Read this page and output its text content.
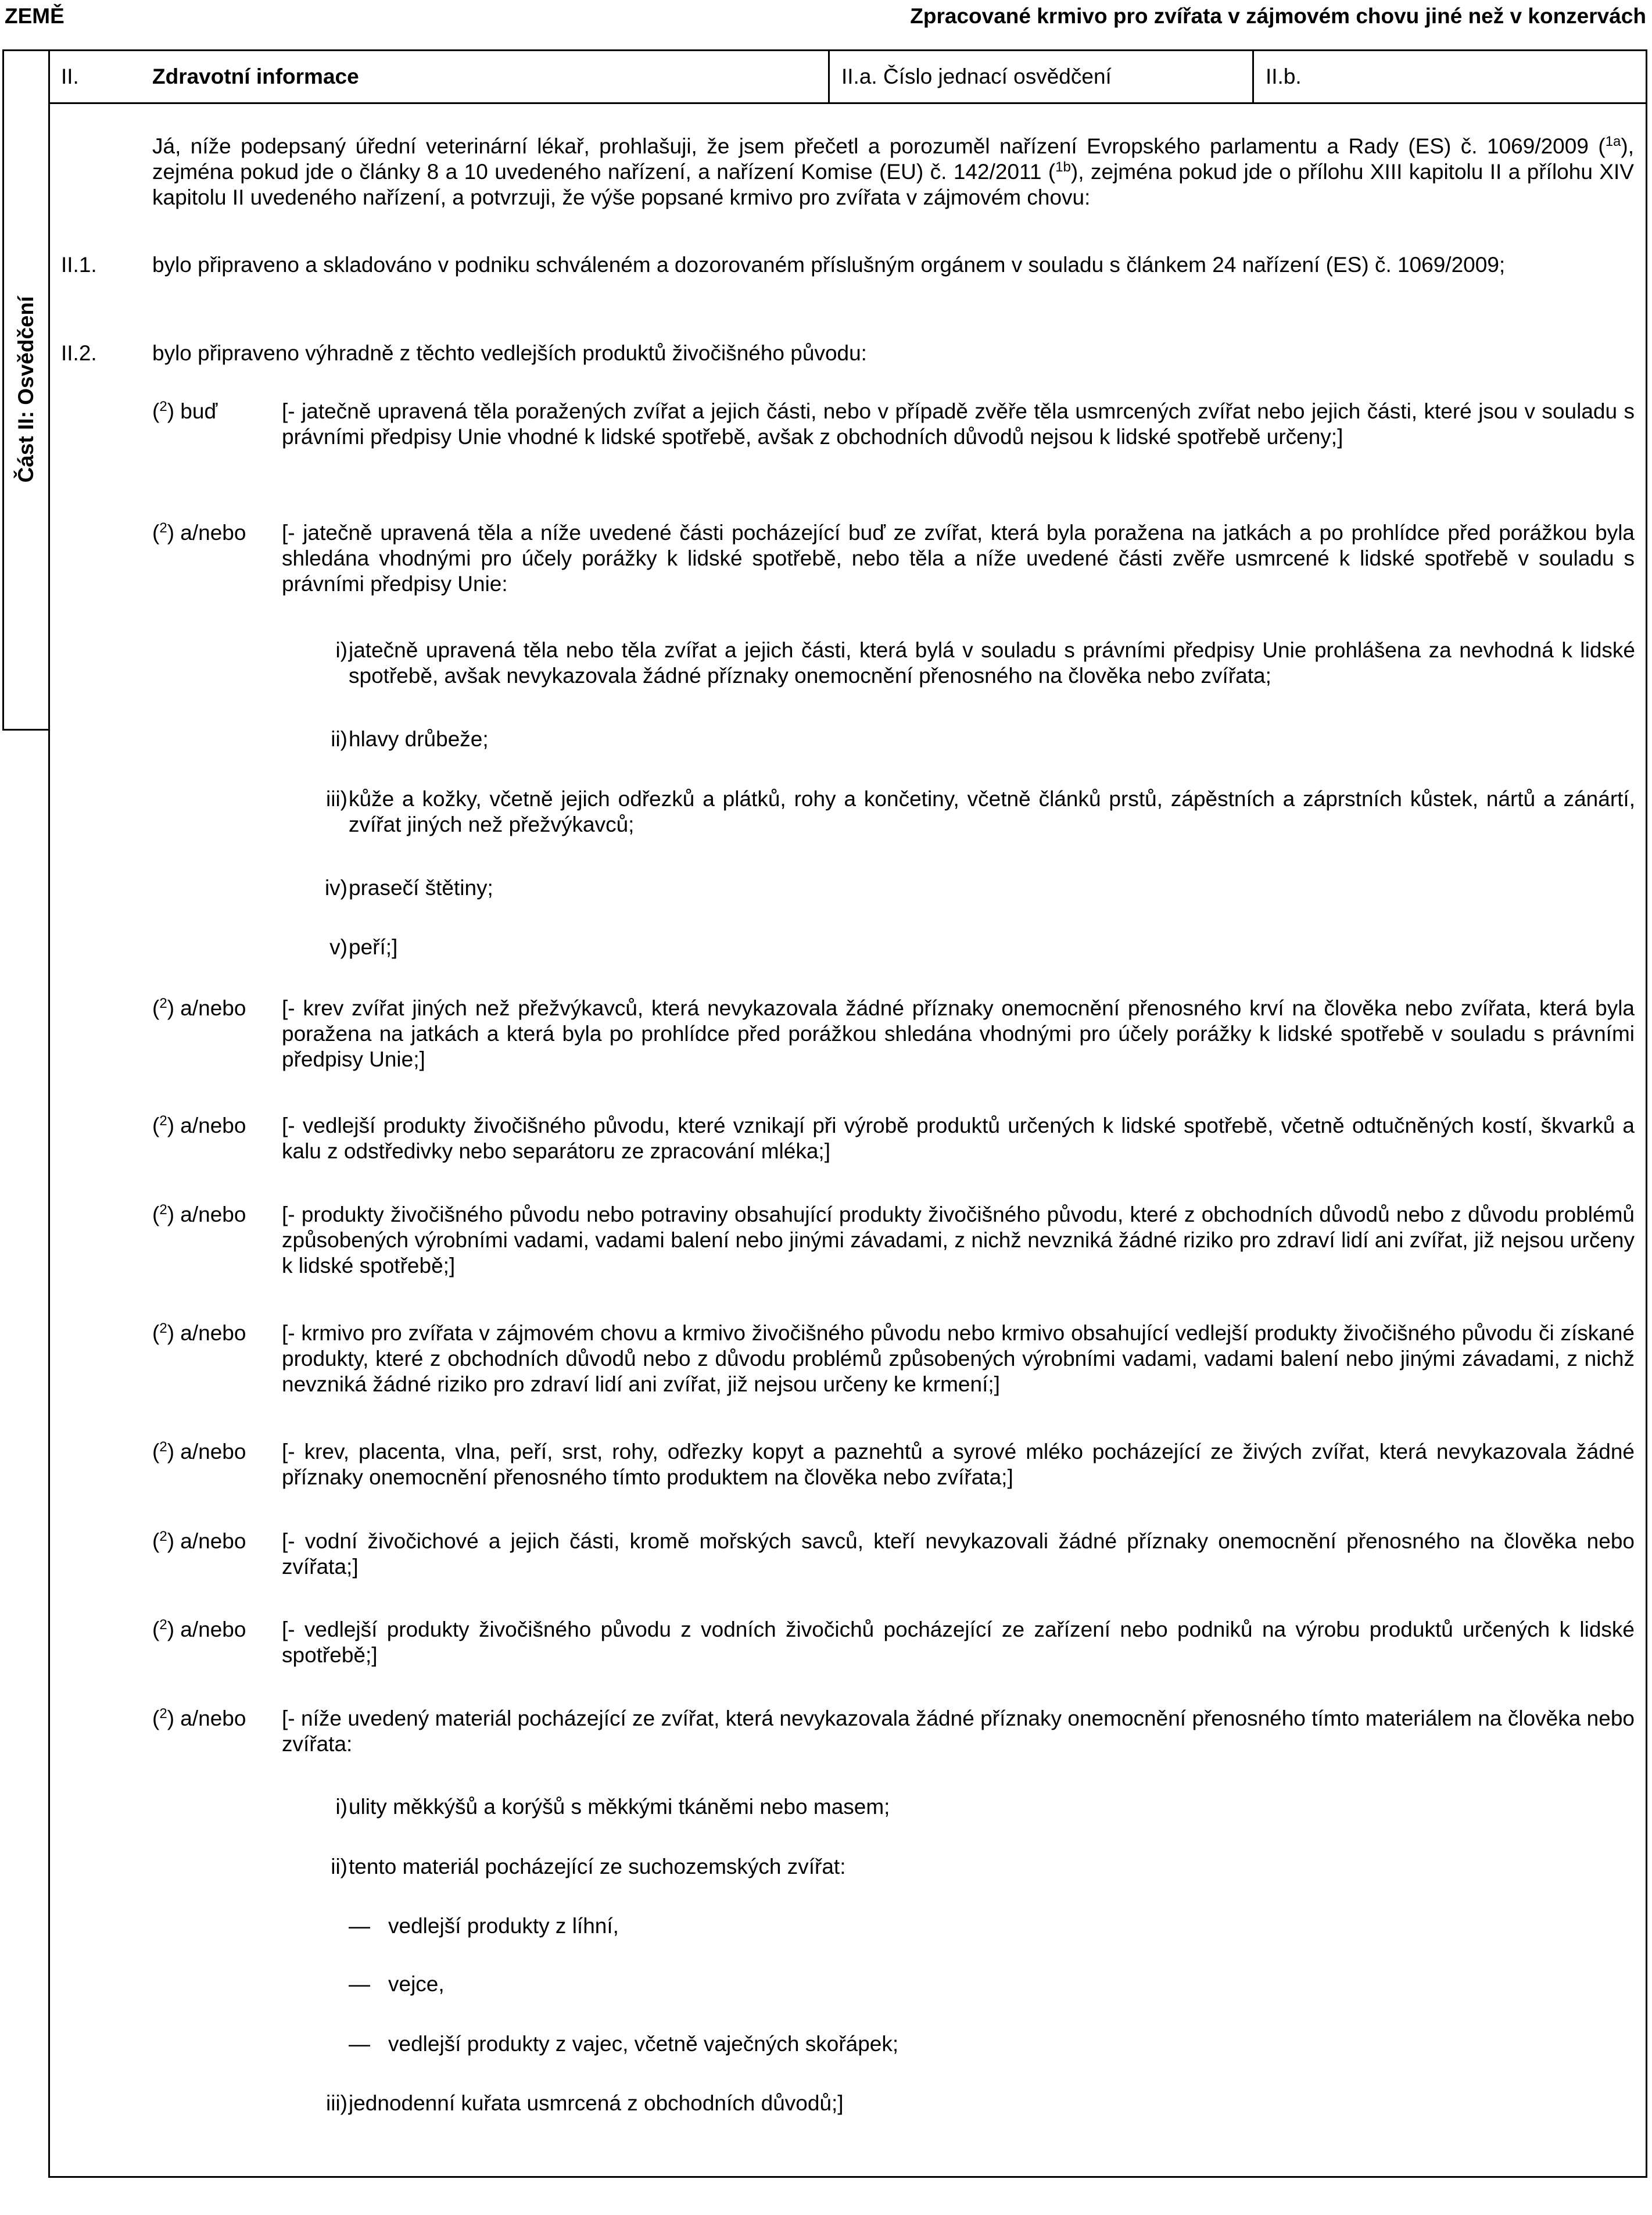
ZEMĚ	Zpracované krmivo pro zvířata v zájmovém chovu jiné než v konzervách
Část II: Osvědčení
II.	Zdravotní informace	II.a. Číslo jednací osvědčení	II.b.
Já, níže podepsaný úřední veterinární lékař, prohlašuji, že jsem přečetl a porozuměl nařízení Evropského parlamentu a Rady (ES) č. 1069/2009 ($^{1a}$), zejména pokud jde o články 8 a 10 uvedeného nařízení, a nařízení Komise (EU) č. 142/2011 ($^{1b}$), zejména pokud jde o přílohu XIII kapitolu II a přílohu XIV kapitolu II uvedeného nařízení, a potvrzuji, že výše popsané krmivo pro zvířata v zájmovém chovu:
II.1.	bylo připraveno a skladováno v podniku schváleném a dozorovaném příslušným orgánem v souladu s článkem 24 nařízení (ES) č. 1069/2009;
II.2.	bylo připraveno výhradně z těchto vedlejších produktů živočišného původu:
($^2$) buď	[- jatečně upravená těla poražených zvířat a jejich části, nebo v případě zvěře těla usmrcených zvířat nebo jejich části, které jsou v souladu s právními předpisy Unie vhodné k lidské spotřebě, avšak z obchodních důvodů nejsou k lidské spotřebě určeny;]
($^2$) a/nebo [- jatečně upravená těla a níže uvedené části pocházející buď ze zvířat, která byla poražena na jatkách a po prohlídce před porážkou byla shledána vhodnými pro účely porážky k lidské spotřebě, nebo těla a níže uvedené části zvěře usmrcené k lidské spotřebě v souladu s právními předpisy Unie:
i) jatečně upravená těla nebo těla zvířat a jejich části, která bylá v souladu s právními předpisy Unie prohlášena za nevhodná k lidské spotřebě, avšak nevykazovala žádné příznaky onemocnění přenosného na člověka nebo zvířata;
ii) hlavy drůbeže;
iii) kůže a kožky, včetně jejich odřezků a plátků, rohy a končetiny, včetně článků prstů, zápěstních a záprstních kůstek, nártů a zánártí, zvířat jiných než přežvýkavců;
iv) prasečí štětiny;
v) peří;]
($^2$) a/nebo [- krev zvířat jiných než přežvýkavců, která nevykazovala žádné příznaky onemocnění přenosného krví na člověka nebo zvířata, která byla poražena na jatkách a která byla po prohlídce před porážkou shledána vhodnými pro účely porážky k lidské spotřebě v souladu s právními předpisy Unie;]
($^2$) a/nebo [- vedlejší produkty živočišného původu, které vznikají při výrobě produktů určených k lidské spotřebě, včetně odtučněných kostí, škvarků a kalu z odstředivky nebo separátoru ze zpracování mléka;]
($^2$) a/nebo [- produkty živočišného původu nebo potraviny obsahující produkty živočišného původu, které z obchodních důvodů nebo z důvodu problémů způsobených výrobními vadami, vadami balení nebo jinými závadami, z nichž nevzniká žádné riziko pro zdraví lidí ani zvířat, již nejsou určeny k lidské spotřebě;]
($^2$) a/nebo [- krmivo pro zvířata v zájmovém chovu a krmivo živočišného původu nebo krmivo obsahující vedlejší produkty živočišného původu či získané produkty, které z obchodních důvodů nebo z důvodu problémů způsobených výrobními vadami, vadami balení nebo jinými závadami, z nichž nevzniká žádné riziko pro zdraví lidí ani zvířat, již nejsou určeny ke krmení;]
($^2$) a/nebo [- krev, placenta, vlna, peří, srst, rohy, odřezky kopyt a paznehtů a syrové mléko pocházející ze živých zvířat, která nevykazovala žádné příznaky onemocnění přenosného tímto produktem na člověka nebo zvířata;]
($^2$) a/nebo [- vodní živočichové a jejich části, kromě mořských savců, kteří nevykazovali žádné příznaky onemocnění přenosného na člověka nebo zvířata;]
($^2$) a/nebo [- vedlejší produkty živočišného původu z vodních živočichů pocházející ze zařízení nebo podniků na výrobu produktů určených k lidské spotřebě;]
($^2$) a/nebo [- níže uvedený materiál pocházející ze zvířat, která nevykazovala žádné příznaky onemocnění přenosného tímto materiálem na člověka nebo zvířata:
i) ulity měkkýšů a korýšů s měkkými tkáněmi nebo masem;
ii) tento materiál pocházející ze suchozemských zvířat:
— vedlejší produkty z líhní,
— vejce,
— vedlejší produkty z vajec, včetně vaječných skořápek;
iii) jednodenní kuřata usmrcená z obchodních důvodů;]
